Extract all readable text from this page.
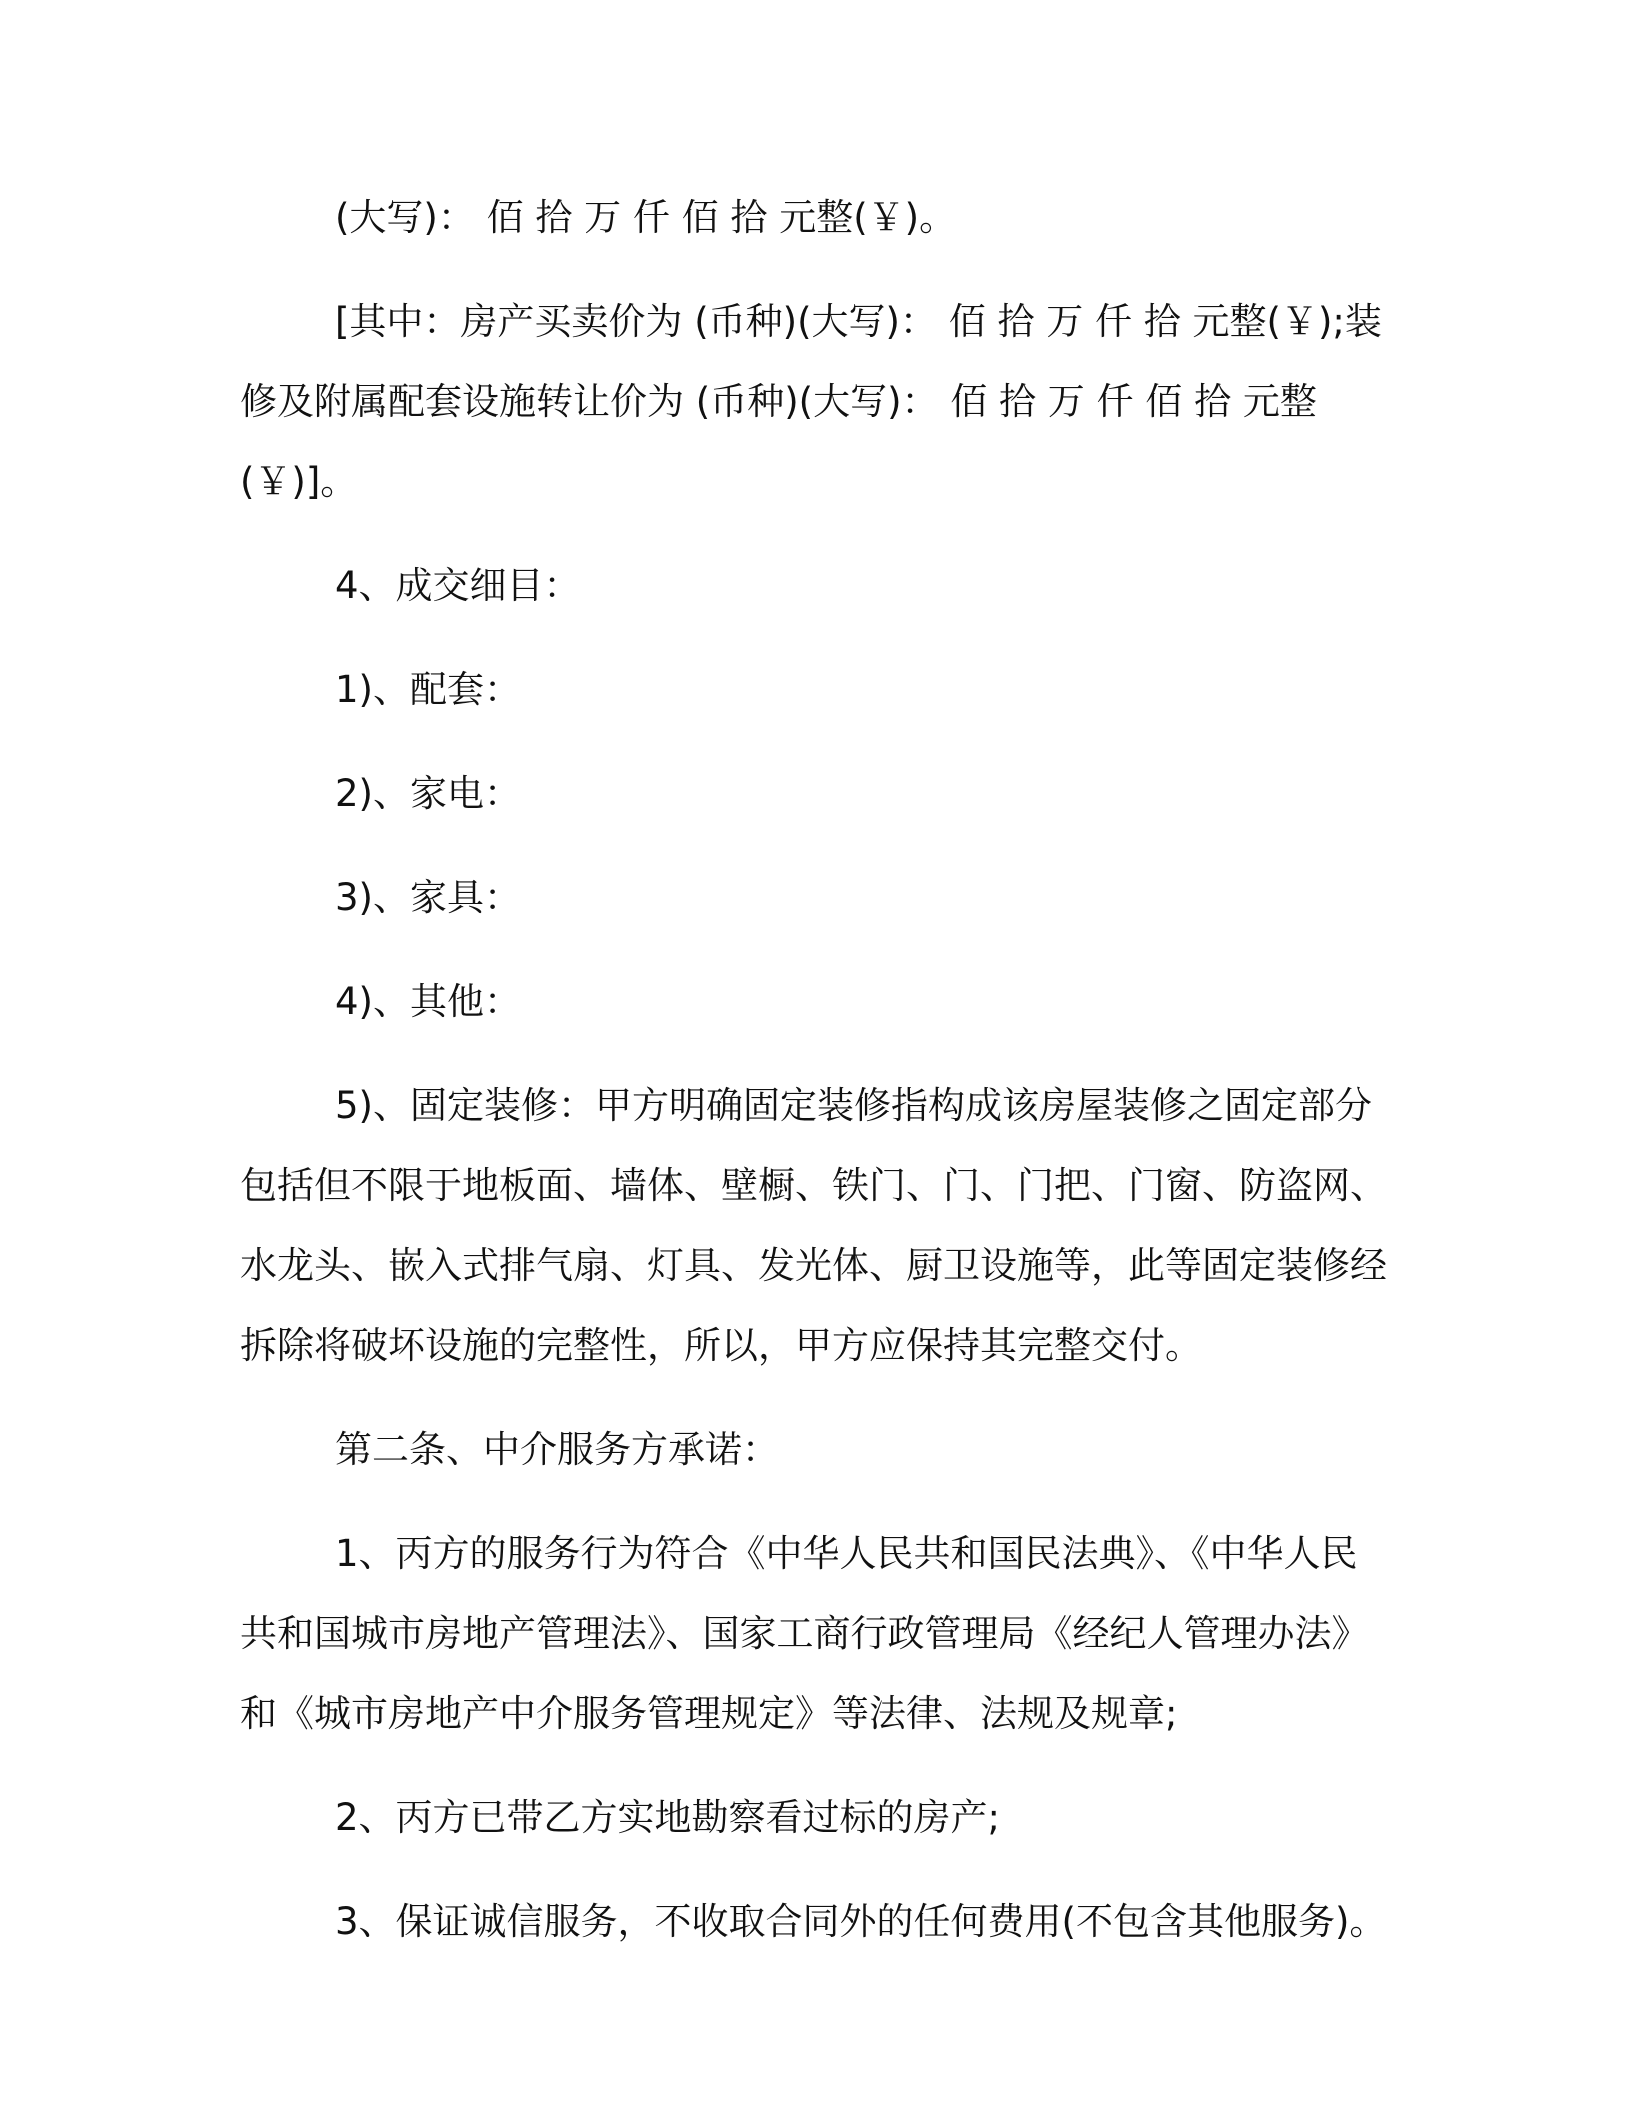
(大写)： 佰 拾 万 仟 佰 拾 元整(￥)。

[其中：房产买卖价为 (币种)(大写)： 佰 拾 万 仟 拾 元整(￥);装修及附属配套设施转让价为 (币种)(大写)： 佰 拾 万 仟 佰 拾 元整(￥)]。

4、成交细目：

1)、配套：

2)、家电：

3)、家具：

4)、其他：

5)、固定装修：甲方明确固定装修指构成该房屋装修之固定部分包括但不限于地板面、墙体、壁橱、铁门、门、门把、门窗、防盗网、水龙头、嵌入式排气扇、灯具、发光体、厨卫设施等，此等固定装修经拆除将破坏设施的完整性，所以，甲方应保持其完整交付。

第二条、中介服务方承诺：

1、丙方的服务行为符合《中华人民共和国民法典》、《中华人民共和国城市房地产管理法》、国家工商行政管理局《经纪人管理办法》和《城市房地产中介服务管理规定》等法律、法规及规章;

2、丙方已带乙方实地勘察看过标的房产;

3、保证诚信服务，不收取合同外的任何费用(不包含其他服务)。
